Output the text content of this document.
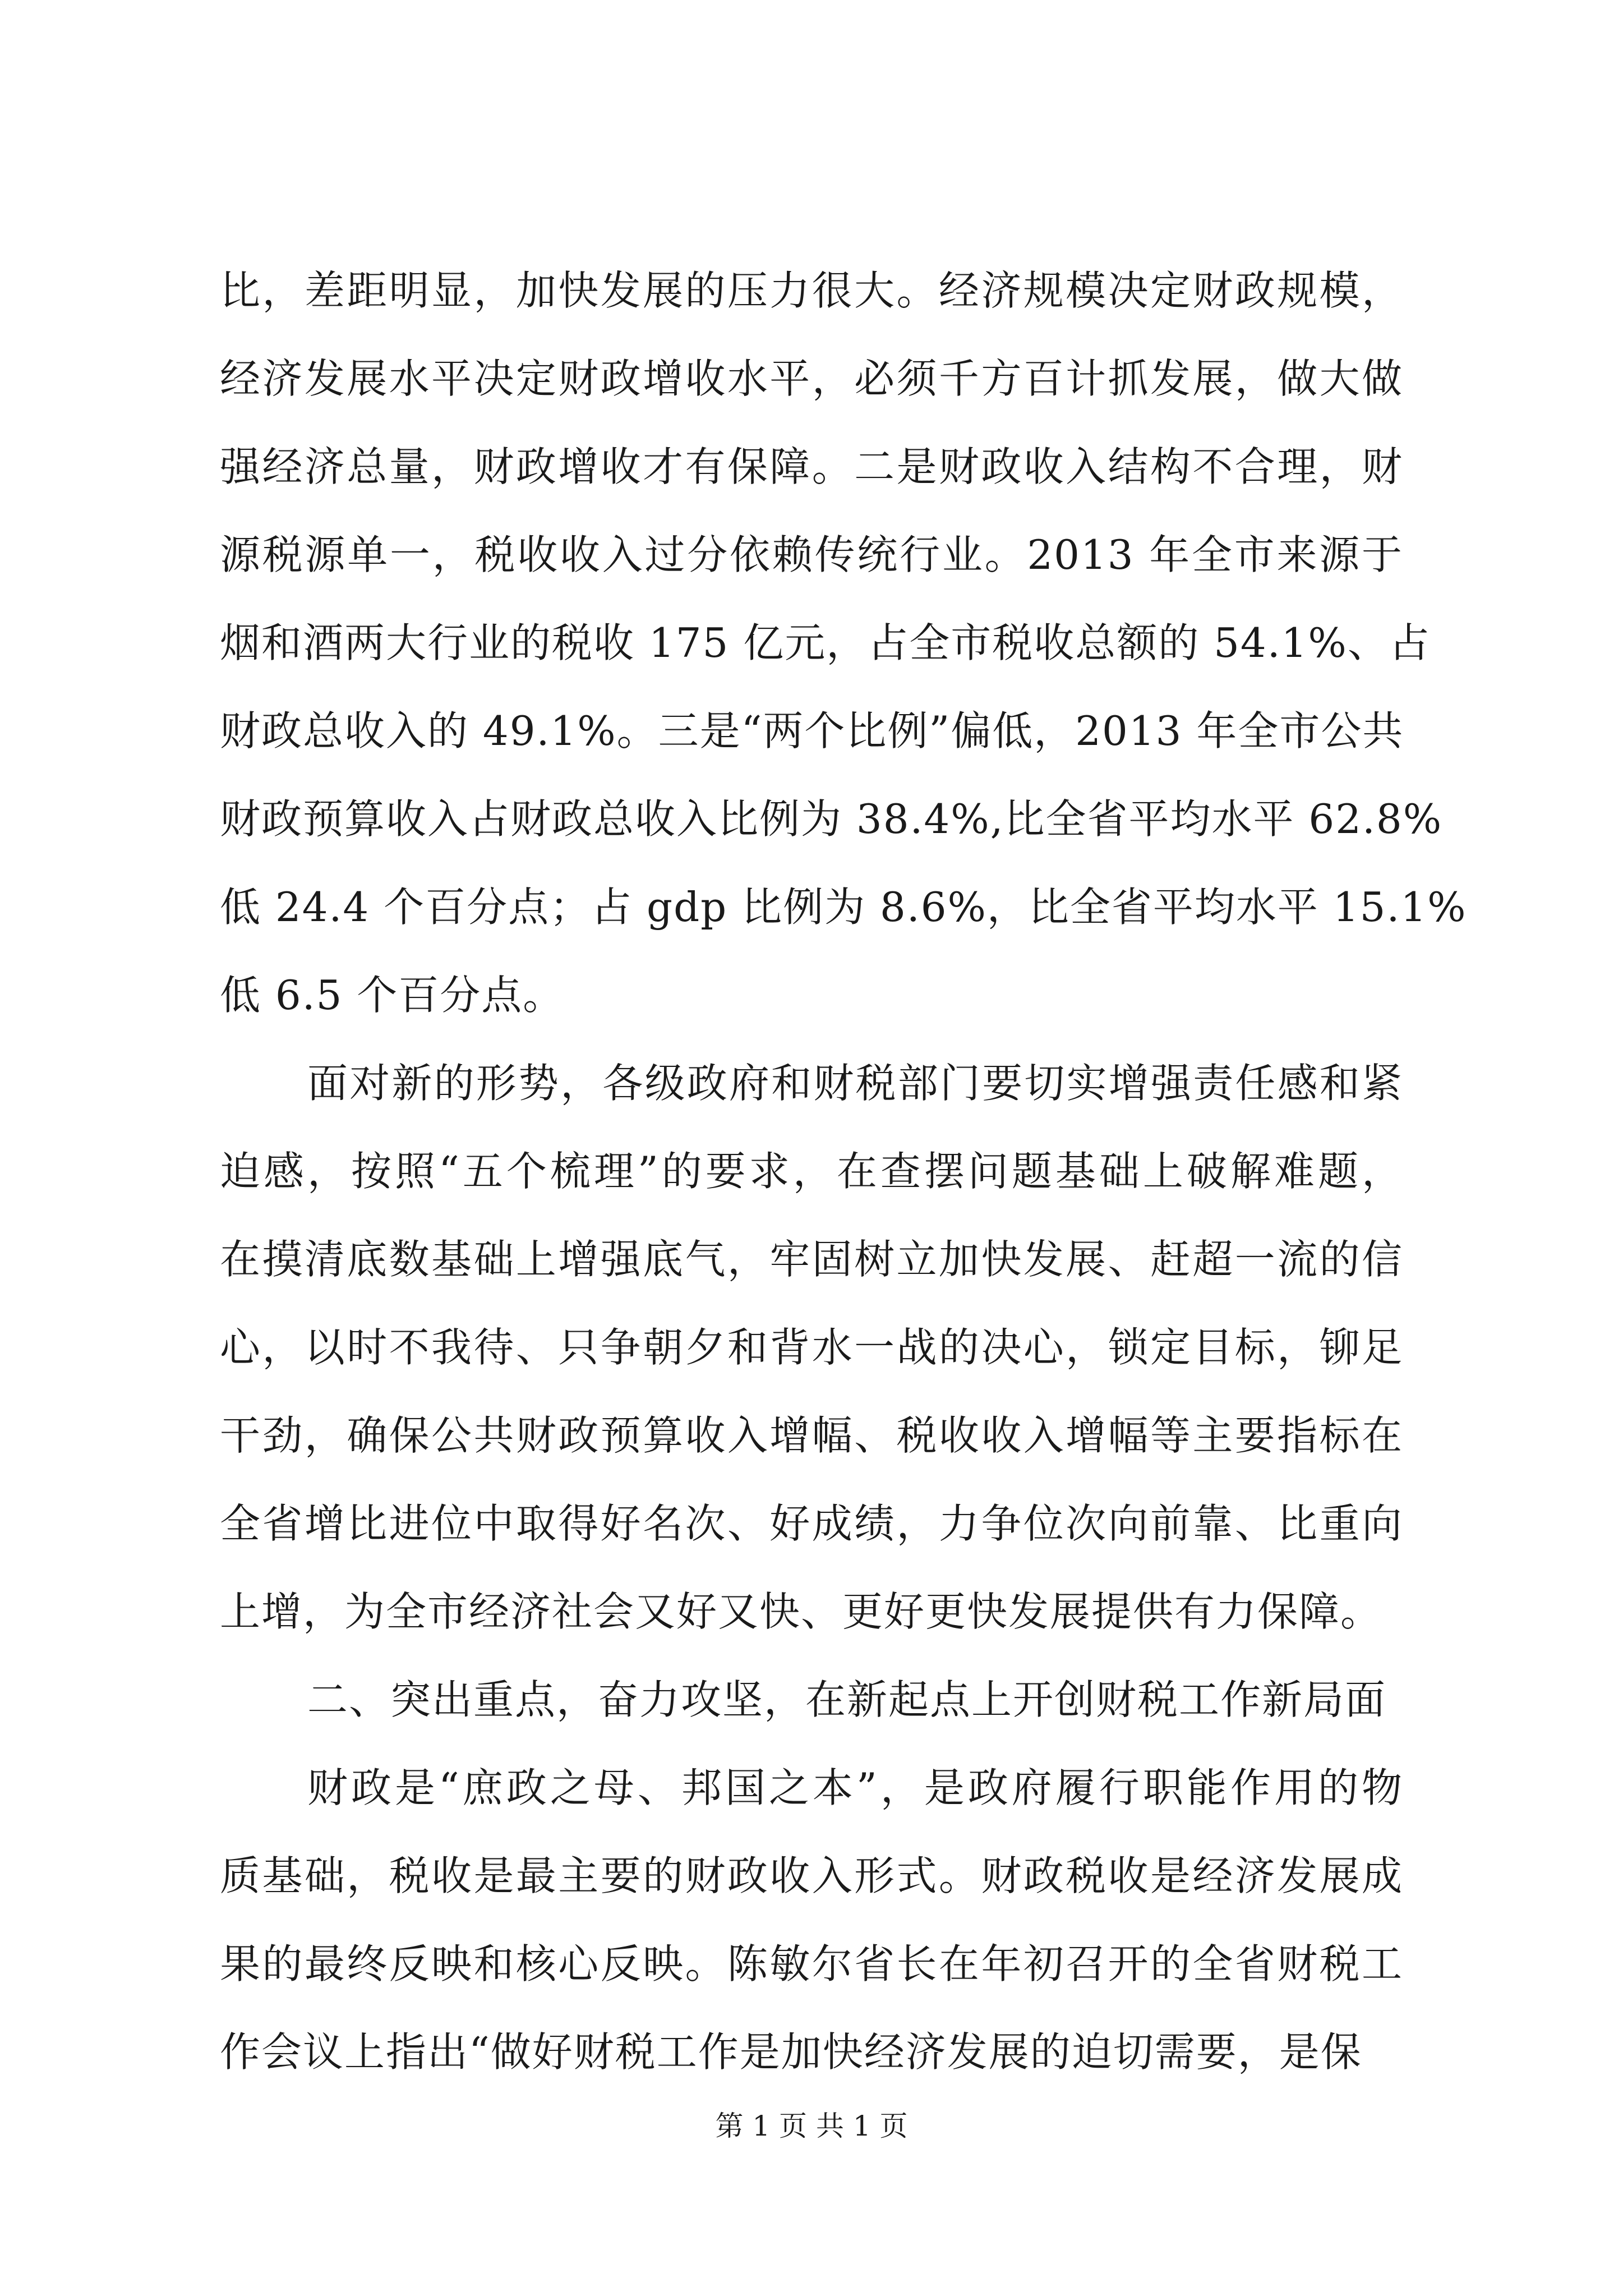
比，差距明显，加快发展的压力很大。经济规模决定财政规模，
经济发展水平决定财政增收水平，必须千方百计抓发展，做大做
强经济总量，财政增收才有保障。二是财政收入结构不合理，财
源税源单一，税收收入过分依赖传统行业。2013 年全市来源于
烟和酒两大行业的税收 175 亿元，占全市税收总额的 54.1%、占
财政总收入的 49.1%。三是“两个比例”偏低，2013 年全市公共
财政预算收入占财政总收入比例为 38.4%,比全省平均水平 62.8%
低 24.4 个百分点；占 gdp 比例为 8.6%，比全省平均水平 15.1%
低 6.5 个百分点。
面对新的形势，各级政府和财税部门要切实增强责任感和紧
迫感，按照“五个梳理”的要求，在查摆问题基础上破解难题，
在摸清底数基础上增强底气，牢固树立加快发展、赶超一流的信
心，以时不我待、只争朝夕和背水一战的决心，锁定目标，铆足
干劲，确保公共财政预算收入增幅、税收收入增幅等主要指标在
全省增比进位中取得好名次、好成绩，力争位次向前靠、比重向
上增，为全市经济社会又好又快、更好更快发展提供有力保障。
二、突出重点，奋力攻坚，在新起点上开创财税工作新局面
财政是“庶政之母、邦国之本”，是政府履行职能作用的物
质基础，税收是最主要的财政收入形式。财政税收是经济发展成
果的最终反映和核心反映。陈敏尔省长在年初召开的全省财税工
作会议上指出“做好财税工作是加快经济发展的迫切需要，是保
第 1 页 共 1 页
